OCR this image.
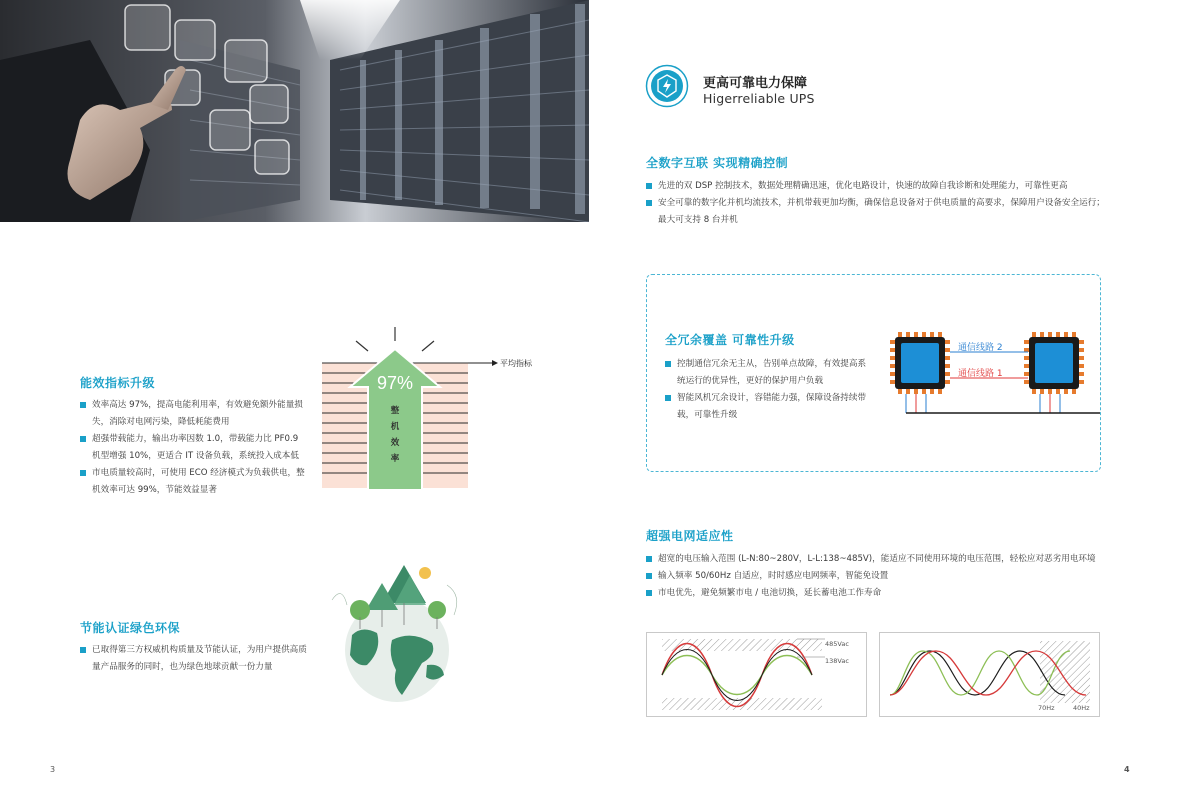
能效指标升级
效率高达 97%，提高电能利用率，有效避免额外能量损失，消除对电网污染，降低耗能费用
超强带载能力，输出功率因数 1.0，带载能力比 PF0.9 机型增强 10%，更适合 IT 设备负载，系统投入成本低
市电质量较高时，可使用 ECO 经济模式为负载供电，整机效率可达 99%，节能效益显著
97%
整
机
效
率
平均指标
节能认证绿色环保
已取得第三方权威机构质量及节能认证，为用户提供高质量产品服务的同时，也为绿色地球贡献一份力量
3
更高可靠电力保障
Higerreliable UPS
全数字互联 实现精确控制
先进的双 DSP 控制技术，数据处理精确迅速，优化电路设计，快速的故障自我诊断和处理能力，可靠性更高
安全可靠的数字化并机均流技术，并机带载更加均衡，确保信息设备对于供电质量的高要求，保障用户设备安全运行；最大可支持 8 台并机
全冗余覆盖 可靠性升级
控制通信冗余无主从，告别单点故障，有效提高系统运行的优异性，更好的保护用户负载
智能风机冗余设计，容错能力强，保障设备持续带载，可靠性升级
通信线路 2
通信线路 1
超强电网适应性
超宽的电压输入范围 (L-N:80~280V，L-L:138~485V)，能适应不同使用环境的电压范围，轻松应对恶劣用电环境
输入频率 50/60Hz 自适应，时时感应电网频率，智能免设置
市电优先，避免频繁市电 / 电池切换，延长蓄电池工作寿命
485Vac
138Vac
70Hz	40Hz
4
